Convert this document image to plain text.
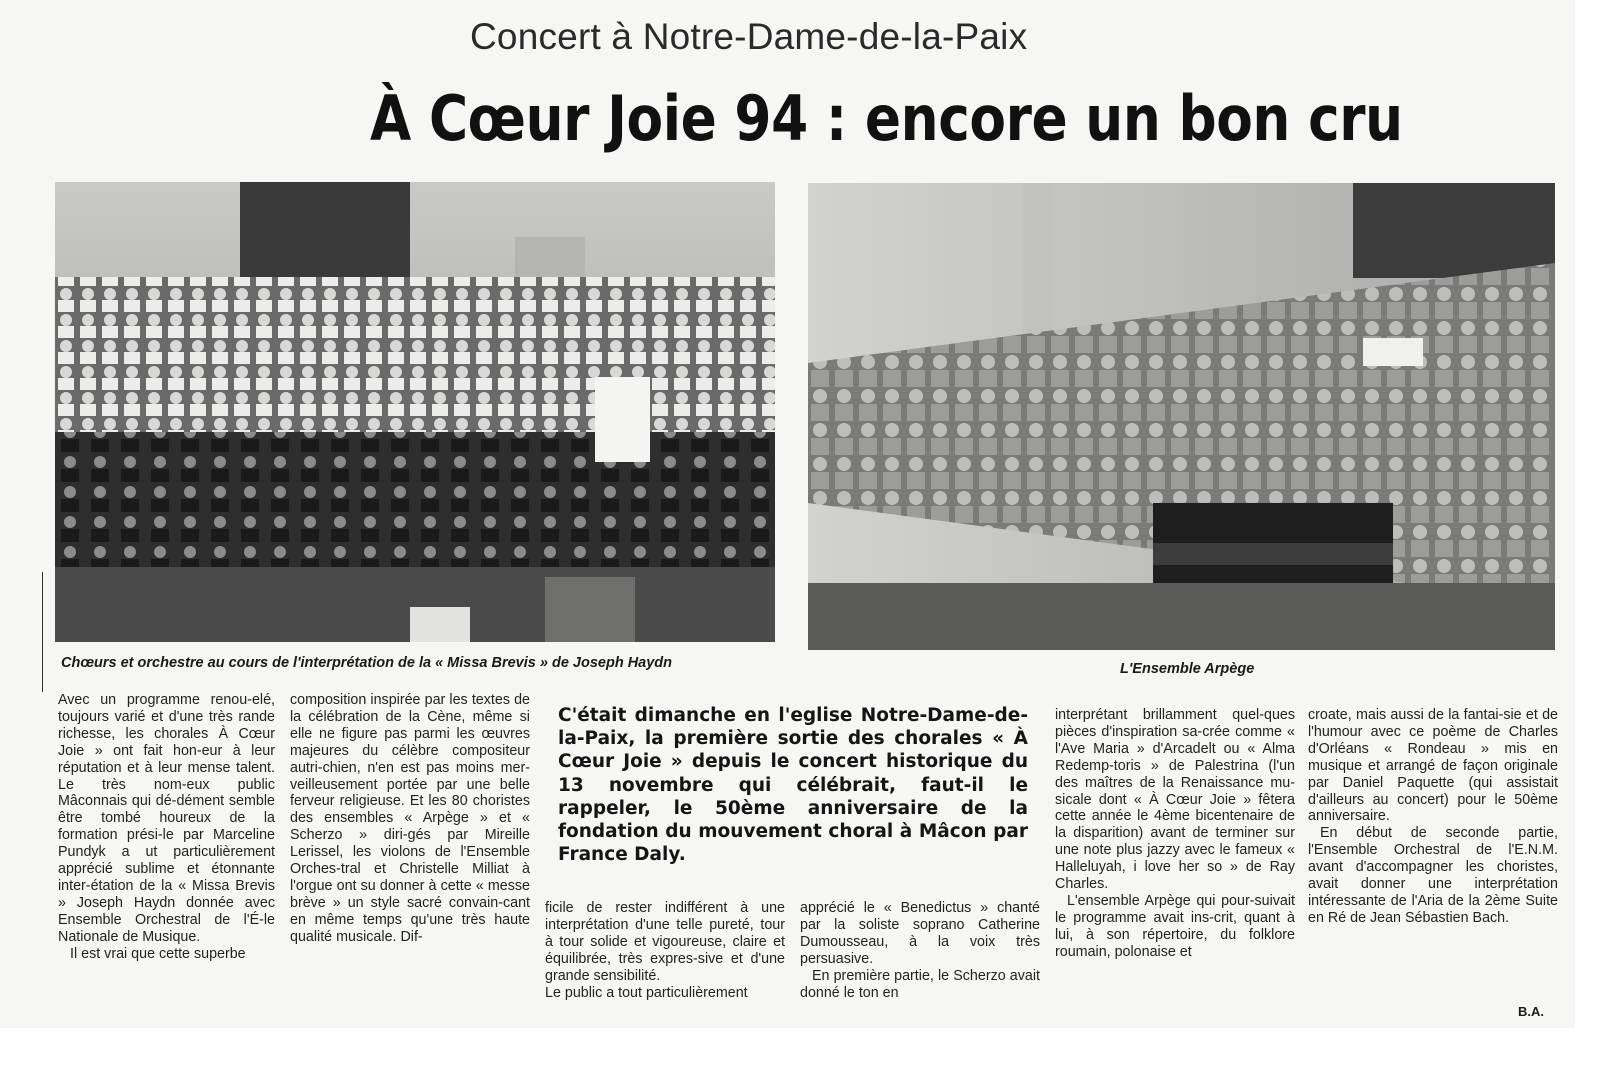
Concert à Notre-Dame-de-la-Paix
À Cœur Joie 94 : encore un bon cru
Chœurs et orchestre au cours de l'interprétation de la « Missa Brevis » de Joseph Haydn	L'Ensemble Arpège

Avec un programme renou-elé, toujours varié et d'une très rande richesse, les chorales À Cœur Joie » ont fait hon-eur à leur réputation et à leur mense talent. Le très nom-eux public Mâconnais qui dé-dément semble être tombé houreux de la formation prési-le par Marceline Pundyk a ut particulièrement apprécié sublime et étonnante inter-étation de la « Missa Brevis » Joseph Haydn donnée avec Ensemble Orchestral de l'É-le Nationale de Musique.

Il est vrai que cette superbe

composition inspirée par les textes de la célébration de la Cène, même si elle ne figure pas parmi les œuvres majeures du célèbre compositeur autri-chien, n'en est pas moins mer-veilleusement portée par une belle ferveur religieuse. Et les 80 choristes des ensembles « Arpège » et « Scherzo » diri-gés par Mireille Lerissel, les violons de l'Ensemble Orches-tral et Christelle Milliat à l'orgue ont su donner à cette « messe brève » un style sacré convain-cant en même temps qu'une très haute qualité musicale. Dif-

C'était dimanche en l'eglise Notre-Dame-de-la-Paix, la première sortie des chorales « À Cœur Joie » depuis le concert historique du 13 novembre qui célébrait, faut-il le rappeler, le 50ème anniversaire de la fondation du mouvement choral à Mâcon par France Daly.

ficile de rester indifférent à une interprétation d'une telle pureté, tour à tour solide et vigoureuse, claire et équilibrée, très expres-sive et d'une grande sensibilité.

Le public a tout particulièrement

apprécié le « Benedictus » chanté par la soliste soprano Catherine Dumousseau, à la voix très persuasive.

En première partie, le Scherzo avait donné le ton en

interprétant brillamment quel-ques pièces d'inspiration sa-crée comme « l'Ave Maria » d'Arcadelt ou « Alma Redemp-toris » de Palestrina (l'un des maîtres de la Renaissance mu-sicale dont « À Cœur Joie » fêtera cette année le 4ème bicentenaire de la disparition) avant de terminer sur une note plus jazzy avec le fameux « Halleluyah, i love her so » de Ray Charles.

L'ensemble Arpège qui pour-suivait le programme avait ins-crit, quant à lui, à son répertoire, du folklore roumain, polonaise et

croate, mais aussi de la fantai-sie et de l'humour avec ce poème de Charles d'Orléans « Rondeau » mis en musique et arrangé de façon originale par Daniel Paquette (qui assistait d'ailleurs au concert) pour le 50ème anniversaire.

En début de seconde partie, l'Ensemble Orchestral de l'E.N.M. avant d'accompagner les choristes, avait donner une interprétation intéressante de l'Aria de la 2ème Suite en Ré de Jean Sébastien Bach.

B.A.
